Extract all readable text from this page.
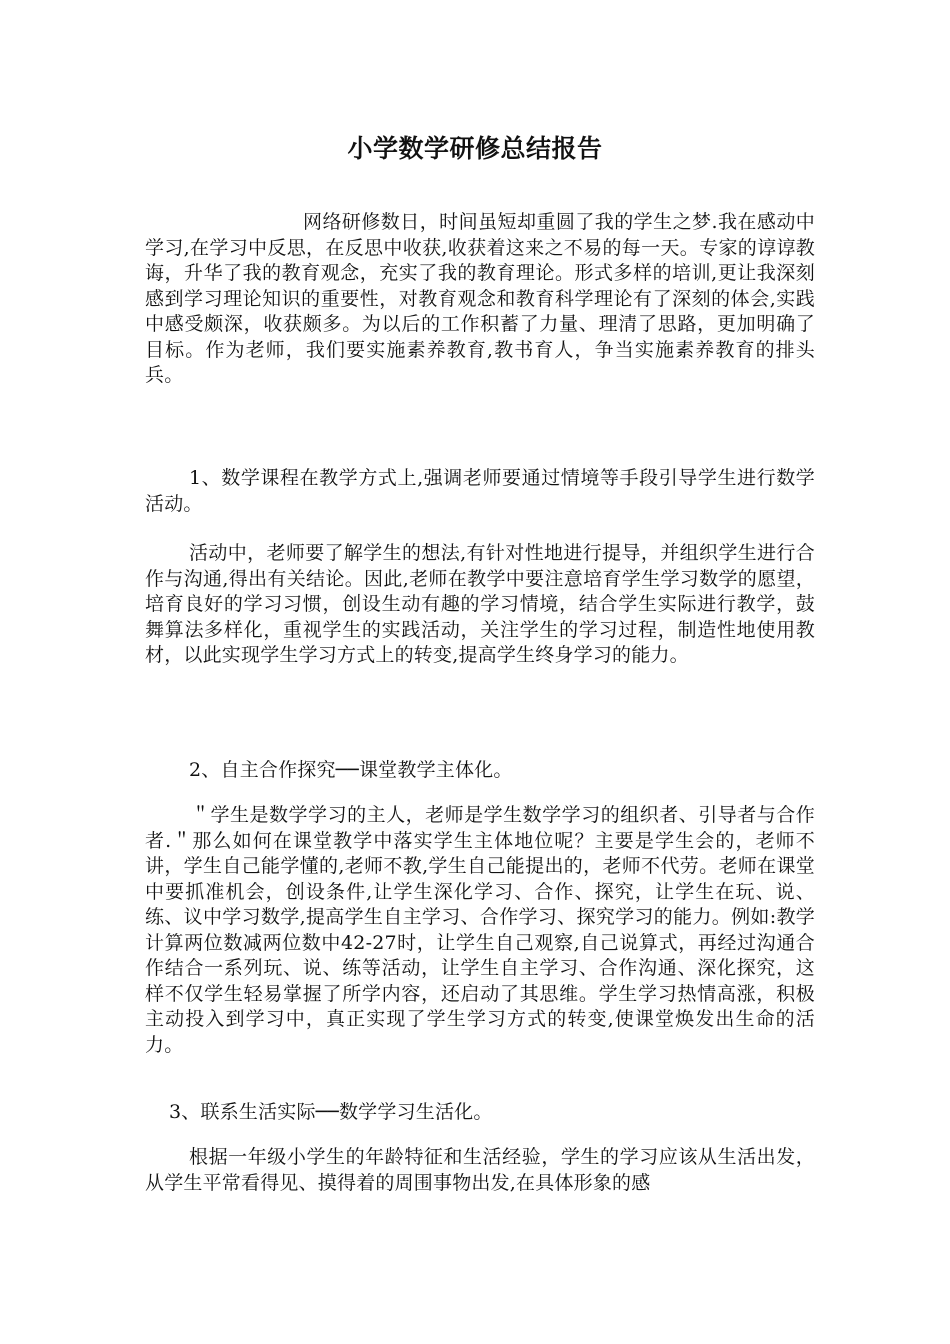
小学数学研修总结报告

网络研修数日，时间虽短却重圆了我的学生之梦.我在感动中学习,在学习中反思，在反思中收获,收获着这来之不易的每一天。专家的谆谆教诲，升华了我的教育观念，充实了我的教育理论。形式多样的培训,更让我深刻感到学习理论知识的重要性，对教育观念和教育科学理论有了深刻的体会,实践中感受颇深，收获颇多。为以后的工作积蓄了力量、理清了思路，更加明确了目标。作为老师，我们要实施素养教育,教书育人，争当实施素养教育的排头兵。

1、数学课程在教学方式上,强调老师要通过情境等手段引导学生进行数学活动。

活动中，老师要了解学生的想法,有针对性地进行提导，并组织学生进行合作与沟通,得出有关结论。因此,老师在教学中要注意培育学生学习数学的愿望，培育良好的学习习惯，创设生动有趣的学习情境，结合学生实际进行教学，鼓舞算法多样化，重视学生的实践活动，关注学生的学习过程，制造性地使用教材，以此实现学生学习方式上的转变,提高学生终身学习的能力。

2、自主合作探究──课堂教学主体化。

＂学生是数学学习的主人，老师是学生数学学习的组织者、引导者与合作者.＂那么如何在课堂教学中落实学生主体地位呢？主要是学生会的，老师不讲，学生自己能学懂的,老师不教,学生自己能提出的，老师不代劳。老师在课堂中要抓准机会，创设条件,让学生深化学习、合作、探究，让学生在玩、说、练、议中学习数学,提高学生自主学习、合作学习、探究学习的能力。例如:教学计算两位数减两位数中42-27时，让学生自己观察,自己说算式，再经过沟通合作结合一系列玩、说、练等活动，让学生自主学习、合作沟通、深化探究，这样不仅学生轻易掌握了所学内容，还启动了其思维。学生学习热情高涨，积极主动投入到学习中，真正实现了学生学习方式的转变,使课堂焕发出生命的活力。

3、联系生活实际──数学学习生活化。

根据一年级小学生的年龄特征和生活经验，学生的学习应该从生活出发，从学生平常看得见、摸得着的周围事物出发,在具体形象的感
